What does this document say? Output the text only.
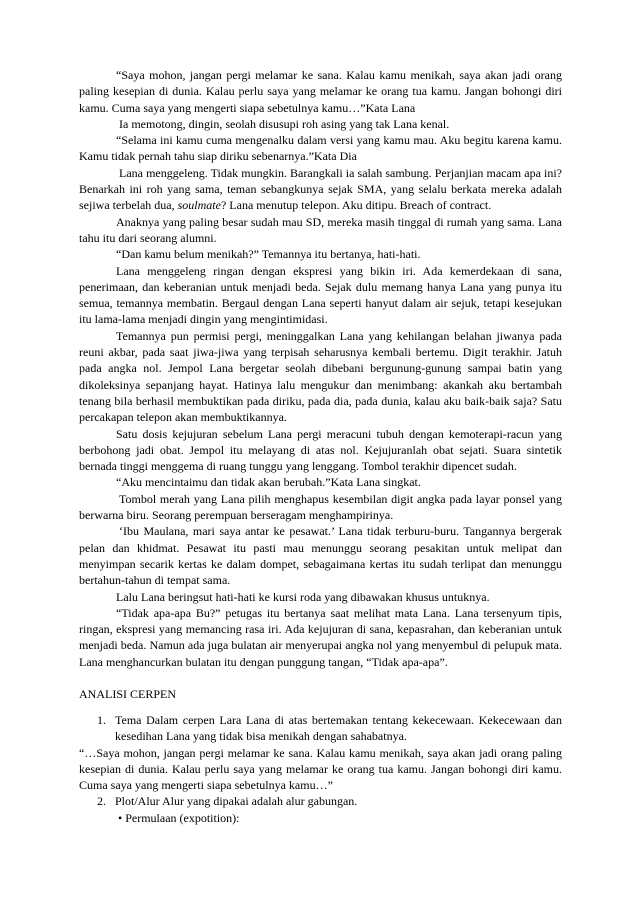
“Saya mohon, jangan pergi melamar ke sana. Kalau kamu menikah, saya akan jadi orang paling kesepian di dunia. Kalau perlu saya yang melamar ke orang tua kamu. Jangan bohongi diri kamu. Cuma saya yang mengerti siapa sebetulnya kamu…”Kata Lana

Ia memotong, dingin, seolah disusupi roh asing yang tak Lana kenal.

“Selama ini kamu cuma mengenalku dalam versi yang kamu mau. Aku begitu karena kamu. Kamu tidak pernah tahu siap diriku sebenarnya.”Kata Dia

Lana menggeleng. Tidak mungkin. Barangkali ia salah sambung. Perjanjian macam apa ini? Benarkah ini roh yang sama, teman sebangkunya sejak SMA, yang selalu berkata mereka adalah sejiwa terbelah dua, soulmate? Lana menutup telepon. Aku ditipu. Breach of contract.

Anaknya yang paling besar sudah mau SD, mereka masih tinggal di rumah yang sama. Lana tahu itu dari seorang alumni.

“Dan kamu belum menikah?” Temannya itu bertanya, hati-hati.

Lana menggeleng ringan dengan ekspresi yang bikin iri. Ada kemerdekaan di sana, penerimaan, dan keberanian untuk menjadi beda. Sejak dulu memang hanya Lana yang punya itu semua, temannya membatin. Bergaul dengan Lana seperti hanyut dalam air sejuk, tetapi kesejukan itu lama-lama menjadi dingin yang mengintimidasi.

Temannya pun permisi pergi, meninggalkan Lana yang kehilangan belahan jiwanya pada reuni akbar, pada saat jiwa-jiwa yang terpisah seharusnya kembali bertemu. Digit terakhir. Jatuh pada angka nol. Jempol Lana bergetar seolah dibebani bergunung-gunung sampai batin yang dikoleksinya sepanjang hayat. Hatinya lalu mengukur dan menimbang: akankah aku bertambah tenang bila berhasil membuktikan pada diriku, pada dia, pada dunia, kalau aku baik-baik saja? Satu percakapan telepon akan membuktikannya.

Satu dosis kejujuran sebelum Lana pergi meracuni tubuh dengan kemoterapi-racun yang berbohong jadi obat. Jempol itu melayang di atas nol. Kejujuranlah obat sejati. Suara sintetik bernada tinggi menggema di ruang tunggu yang lenggang. Tombol terakhir dipencet sudah.

“Aku mencintaimu dan tidak akan berubah.”Kata Lana singkat.

Tombol merah yang Lana pilih menghapus kesembilan digit angka pada layar ponsel yang berwarna biru. Seorang perempuan berseragam menghampirinya.

‘Ibu Maulana, mari saya antar ke pesawat.’ Lana tidak terburu-buru. Tangannya bergerak pelan dan khidmat. Pesawat itu pasti mau menunggu seorang pesakitan untuk melipat dan menyimpan secarik kertas ke dalam dompet, sebagaimana kertas itu sudah terlipat dan menunggu bertahun-tahun di tempat sama.

Lalu Lana beringsut hati-hati ke kursi roda yang dibawakan khusus untuknya.

“Tidak apa-apa Bu?” petugas itu bertanya saat melihat mata Lana. Lana tersenyum tipis, ringan, ekspresi yang memancing rasa iri. Ada kejujuran di sana, kepasrahan, dan keberanian untuk menjadi beda. Namun ada juga bulatan air menyerupai angka nol yang menyembul di pelupuk mata. Lana menghancurkan bulatan itu dengan punggung tangan, “Tidak apa-apa”.

ANALISI CERPEN

1. Tema Dalam cerpen Lara Lana di atas bertemakan tentang kekecewaan. Kekecewaan dan kesedihan Lana yang tidak bisa menikah dengan sahabatnya.

“…Saya mohon, jangan pergi melamar ke sana. Kalau kamu menikah, saya akan jadi orang paling kesepian di dunia. Kalau perlu saya yang melamar ke orang tua kamu. Jangan bohongi diri kamu. Cuma saya yang mengerti siapa sebetulnya kamu…”

2. Plot/Alur Alur yang dipakai adalah alur gabungan.

• Permulaan (expotition):
